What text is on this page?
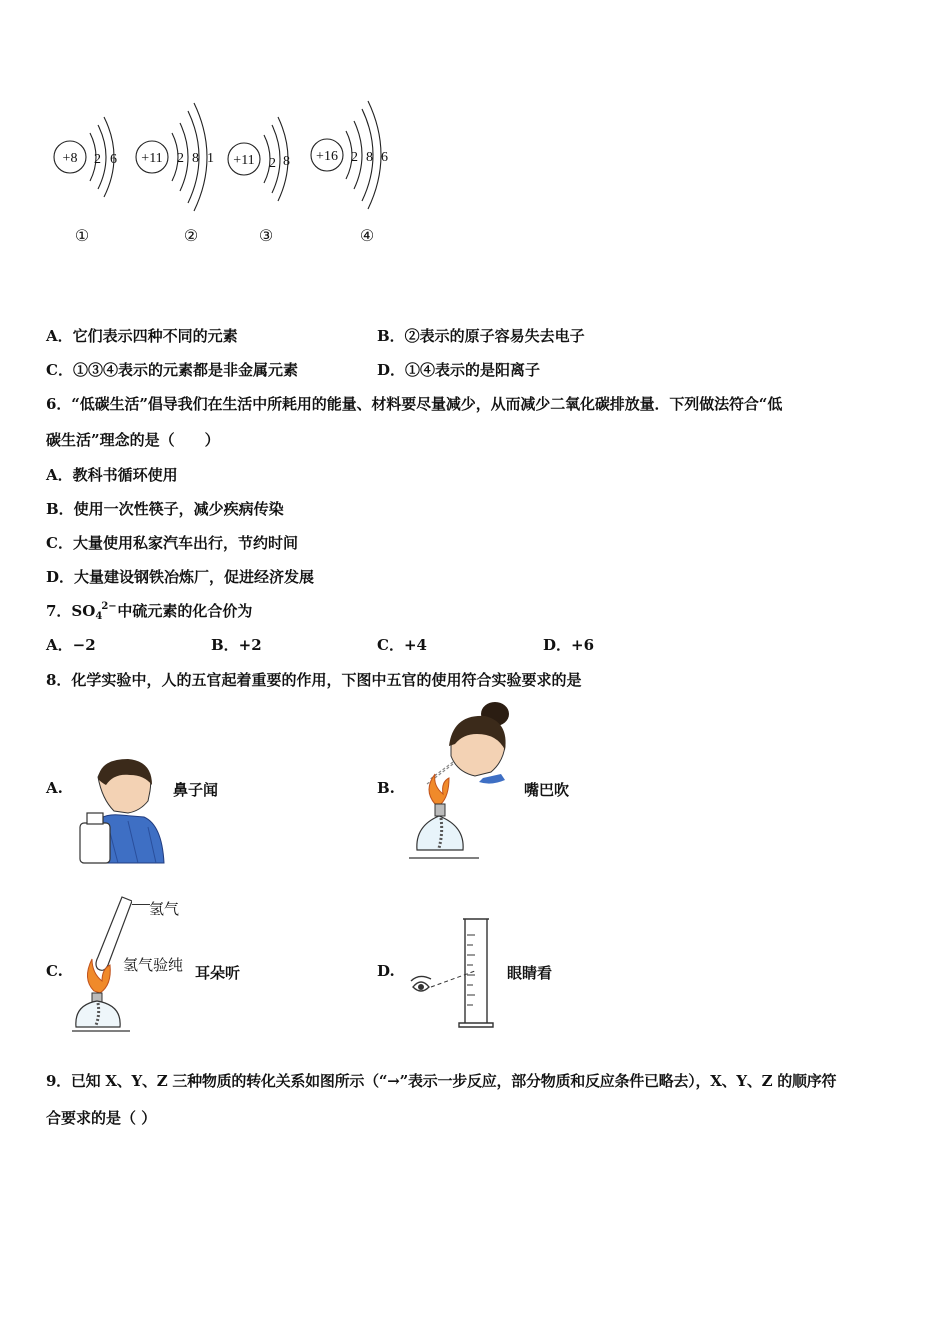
+8 2 6 +11 2 8 1 +11 2 8 +16 2 8 6
①	②	③	④
A．它们表示四种不同的元素	B．②表示的原子容易失去电子
C．①③④表示的元素都是非金属元素	D．①④表示的是阳离子
6．“低碳生活”倡导我们在生活中所耗用的能量、材料要尽量减少，从而减少二氧化碳排放量．下列做法符合“低
碳生活”理念的是（　　）
A．教科书循环使用
B．使用一次性筷子，减少疾病传染
C．大量使用私家汽车出行，节约时间
D．大量建设钢铁冶炼厂，促进经济发展
7．SO 4
2− 中硫元素的化合价为
A．−2	B．+2	C．+4	D．+6
8．化学实验中，人的五官起着重要的作用，下图中五官的使用符合实验要求的是
A.	鼻子闻	B.	嘴巴吹
C.
氢气
氢气验纯 耳朵听	D.	眼睛看
9．已知 X、Y、Z 三种物质的转化关系如图所示（“→”表示一步反应，部分物质和反应条件已略去），X、Y、Z 的顺序符
合要求的是（ ）
